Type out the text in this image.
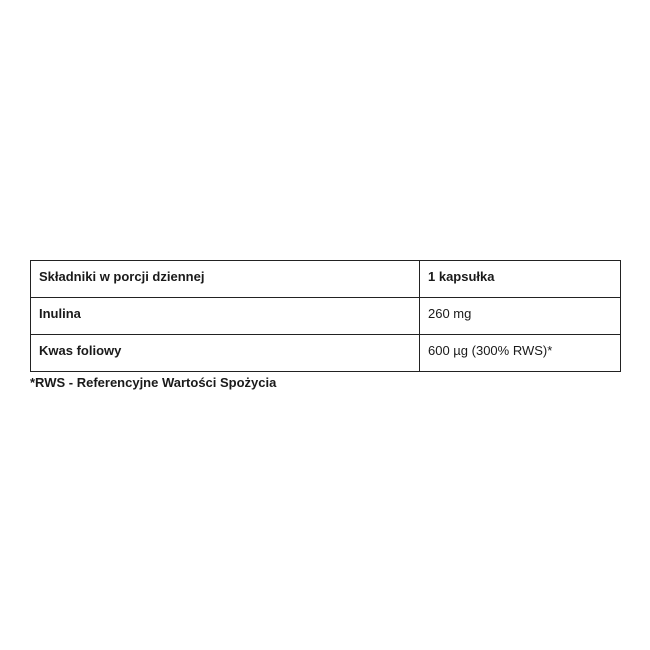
Składniki w porcji dziennej	1 kapsułka
Inulina	260 mg
Kwas foliowy	600 µg (300% RWS)*
*RWS - Referencyjne Wartości Spożycia
